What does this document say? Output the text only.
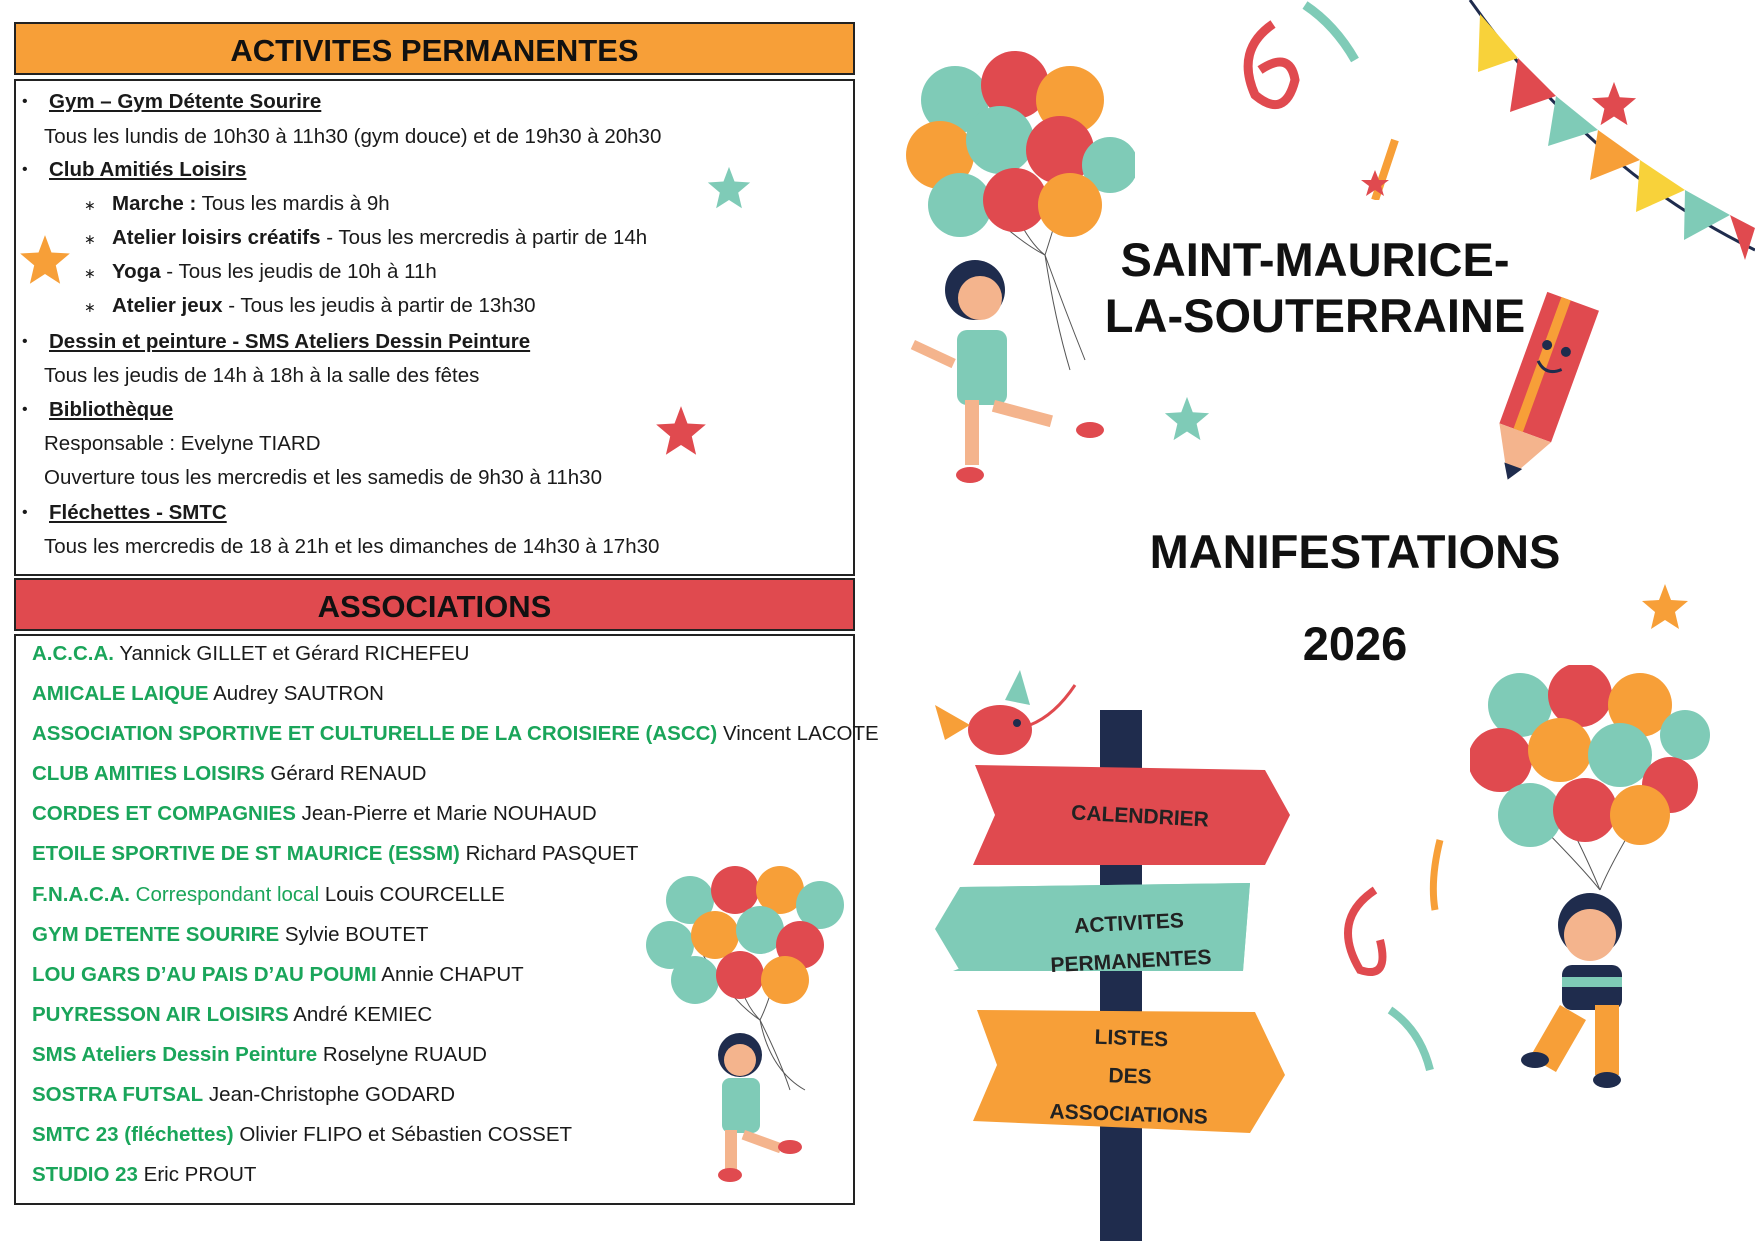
ACTIVITES PERMANENTES
• Gym – Gym Détente Sourire
Tous les lundis de 10h30 à 11h30 (gym douce) et de 19h30 à 20h30
• Club Amitiés Loisirs
∗ Marche : Tous les mardis à 9h
∗ Atelier loisirs créatifs - Tous les mercredis à partir de 14h
∗ Yoga - Tous les jeudis de 10h à 11h
∗ Atelier jeux - Tous les jeudis à partir de 13h30
• Dessin et peinture - SMS Ateliers Dessin Peinture
Tous les jeudis de 14h à 18h à la salle des fêtes
• Bibliothèque
Responsable : Evelyne TIARD
Ouverture tous les mercredis et les samedis de 9h30 à 11h30
• Fléchettes - SMTC
Tous les mercredis de 18 à 21h et les dimanches de 14h30 à 17h30
ASSOCIATIONS
A.C.C.A. Yannick GILLET et Gérard RICHEFEU
AMICALE LAIQUE Audrey SAUTRON
ASSOCIATION SPORTIVE ET CULTURELLE DE LA CROISIERE (ASCC) Vincent LACOTE
CLUB AMITIES LOISIRS Gérard RENAUD
CORDES ET COMPAGNIES Jean-Pierre et Marie NOUHAUD
ETOILE SPORTIVE DE ST MAURICE (ESSM) Richard PASQUET
F.N.A.C.A. Correspondant local Louis COURCELLE
GYM DETENTE SOURIRE Sylvie BOUTET
LOU GARS D’AU PAIS D’AU POUMI Annie CHAPUT
PUYRESSON AIR LOISIRS André KEMIEC
SMS Ateliers Dessin Peinture Roselyne RUAUD
SOSTRA FUTSAL Jean-Christophe GODARD
SMTC 23 (fléchettes) Olivier FLIPO et Sébastien COSSET
STUDIO 23 Eric PROUT
SAINT-MAURICE-
LA-SOUTERRAINE
MANIFESTATIONS
2026
CALENDRIER
ACTIVITES
PERMANENTES
LISTES
DES
ASSOCIATIONS
